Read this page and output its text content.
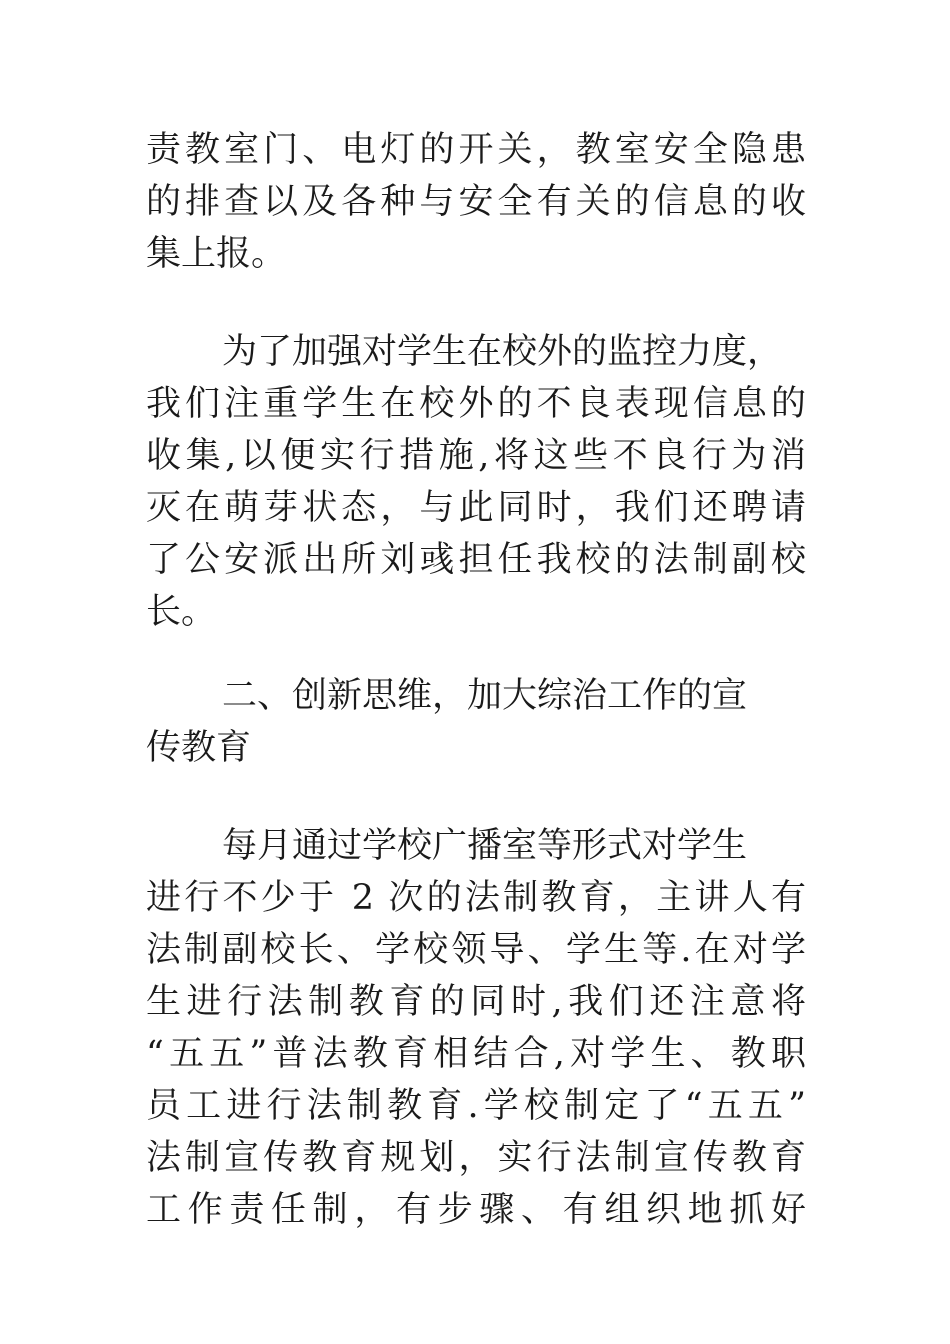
责教室门、电灯的开关，教室安全隐患
的排查以及各种与安全有关的信息的收
集上报。
为了加强对学生在校外的监控力度，
我们注重学生在校外的不良表现信息的
收集,以便实行措施,将这些不良行为消
灭在萌芽状态，与此同时，我们还聘请
了公安派出所刘彧担任我校的法制副校
长。
二、创新思维，加大综治工作的宣
传教育
每月通过学校广播室等形式对学生
进行不少于 2 次的法制教育，主讲人有
法制副校长、学校领导、学生等.在对学
生进行法制教育的同时,我们还注意将
“五五”普法教育相结合,对学生、教职
员工进行法制教育.学校制定了“五五”
法制宣传教育规划，实行法制宣传教育
工作责任制，有步骤、有组织地抓好
